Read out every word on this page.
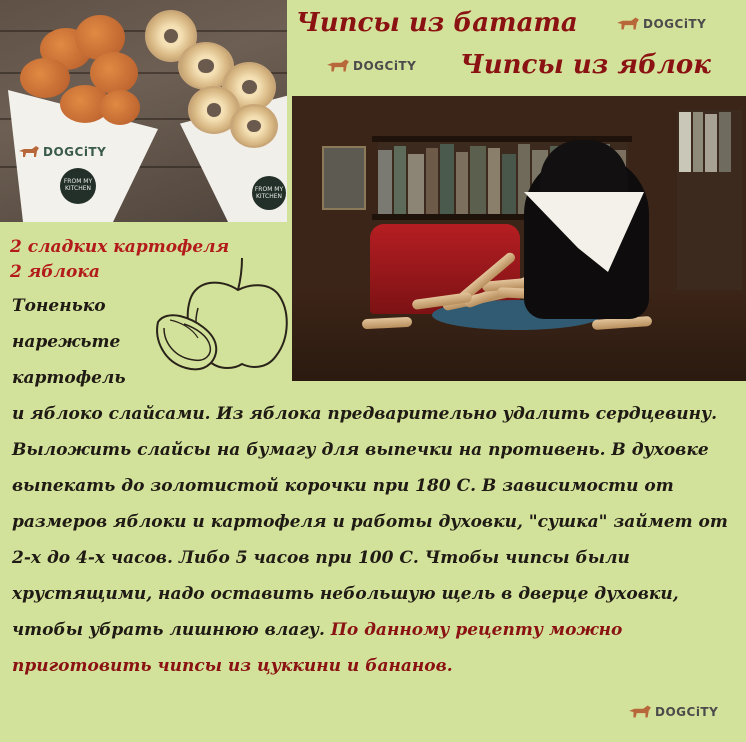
FROM MY KITCHEN	FROM MY KITCHEN
DOGCiTY
Чипсы из батата	DOGCiTY
DOGCiTY Чипсы из яблок
2 сладких картофеля
2 яблока
Тоненько
нарежьте
картофель
и яблоко слайсами. Из яблока предварительно удалить сердцевину. Выложить слайсы на бумагу для выпечки на противень. В духовке выпекать до золотистой корочки при 180 С. В зависимости от размеров яблоки и картофеля и работы духовки, "сушка" займет от 2-х до 4-х часов. Либо 5 часов при 100 С. Чтобы чипсы были хрустящими, надо оставить небольшую щель в дверце духовки, чтобы убрать лишнюю влагу. По данному рецепту можно приготовить чипсы из цуккини и бананов.
DOGCiTY
